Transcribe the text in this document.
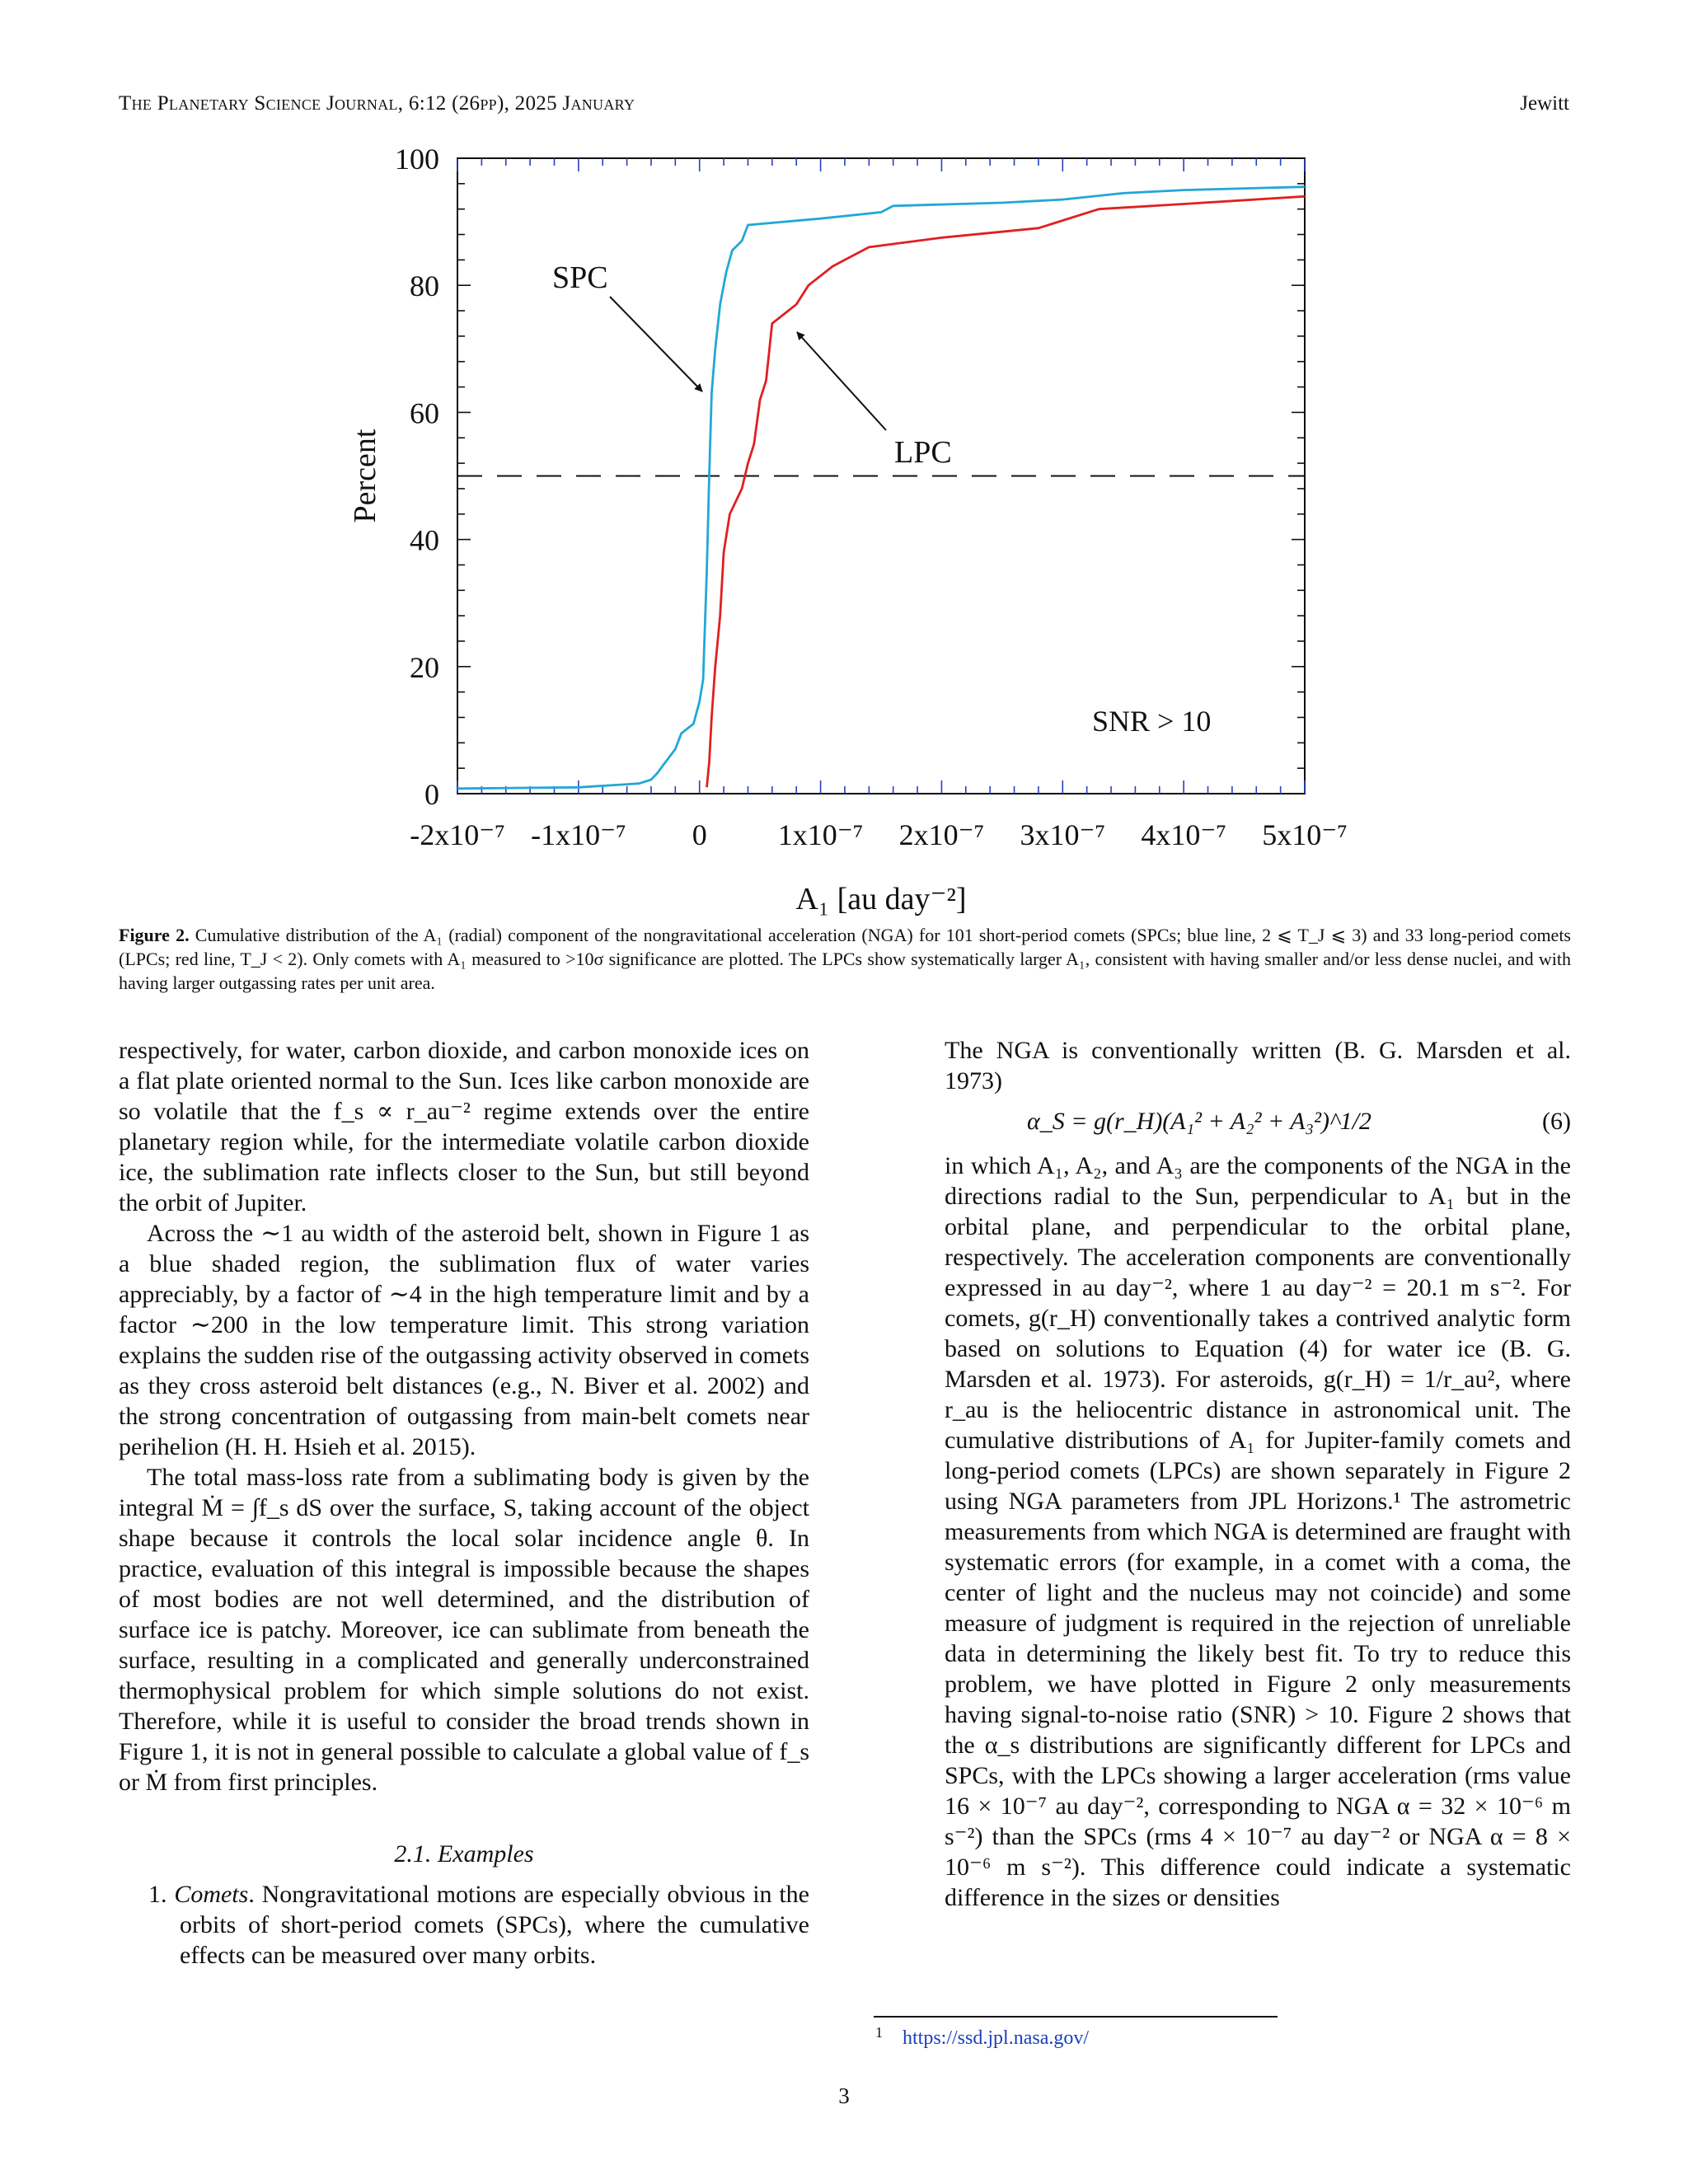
The Planetary Science Journal, 6:12 (26pp), 2025 January	Jewitt
0
20
40
60
80
100
-2x10⁻⁷ -1x10⁻⁷ 0 1x10⁻⁷ 2x10⁻⁷ 3x10⁻⁷ 4x10⁻⁷ 5x10⁻⁷
A₁ [au day⁻²]
Percent
SPC
LPC
SNR > 10
Figure 2. Cumulative distribution of the A₁ (radial) component of the nongravitational acceleration (NGA) for 101 short-period comets (SPCs; blue line, 2 ⩽ T_J ⩽ 3) and 33 long-period comets (LPCs; red line, T_J < 2). Only comets with A₁ measured to >10σ significance are plotted. The LPCs show systematically larger A₁, consistent with having smaller and/or less dense nuclei, and with having larger outgassing rates per unit area.

respectively, for water, carbon dioxide, and carbon monoxide ices on a flat plate oriented normal to the Sun. Ices like carbon monoxide are so volatile that the f_s ∝ r_au⁻² regime extends over the entire planetary region while, for the intermediate volatile carbon dioxide ice, the sublimation rate inflects closer to the Sun, but still beyond the orbit of Jupiter.

Across the ∼1 au width of the asteroid belt, shown in Figure 1 as a blue shaded region, the sublimation flux of water varies appreciably, by a factor of ∼4 in the high temperature limit and by a factor ∼200 in the low temperature limit. This strong variation explains the sudden rise of the outgassing activity observed in comets as they cross asteroid belt distances (e.g., N. Biver et al. 2002) and the strong concentration of outgassing from main-belt comets near perihelion (H. H. Hsieh et al. 2015).

The total mass-loss rate from a sublimating body is given by the integral Ṁ = ∫f_s dS over the surface, S, taking account of the object shape because it controls the local solar incidence angle θ. In practice, evaluation of this integral is impossible because the shapes of most bodies are not well determined, and the distribution of surface ice is patchy. Moreover, ice can sublimate from beneath the surface, resulting in a complicated and generally underconstrained thermophysical problem for which simple solutions do not exist. Therefore, while it is useful to consider the broad trends shown in Figure 1, it is not in general possible to calculate a global value of f_s or Ṁ from first principles.

2.1. Examples

1. Comets. Nongravitational motions are especially obvious in the orbits of short-period comets (SPCs), where the cumulative effects can be measured over many orbits.

The NGA is conventionally written (B. G. Marsden et al. 1973)

α_S = g(r_H)(A₁² + A₂² + A₃²)^1/2	(6)

in which A₁, A₂, and A₃ are the components of the NGA in the directions radial to the Sun, perpendicular to A₁ but in the orbital plane, and perpendicular to the orbital plane, respectively. The acceleration components are conventionally expressed in au day⁻², where 1 au day⁻² = 20.1 m s⁻². For comets, g(r_H) conventionally takes a contrived analytic form based on solutions to Equation (4) for water ice (B. G. Marsden et al. 1973). For asteroids, g(r_H) = 1/r_au², where r_au is the heliocentric distance in astronomical unit. The cumulative distributions of A₁ for Jupiter-family comets and long-period comets (LPCs) are shown separately in Figure 2 using NGA parameters from JPL Horizons.¹ The astrometric measurements from which NGA is determined are fraught with systematic errors (for example, in a comet with a coma, the center of light and the nucleus may not coincide) and some measure of judgment is required in the rejection of unreliable data in determining the likely best fit. To try to reduce this problem, we have plotted in Figure 2 only measurements having signal-to-noise ratio (SNR) > 10. Figure 2 shows that the α_s distributions are significantly different for LPCs and SPCs, with the LPCs showing a larger acceleration (rms value 16 × 10⁻⁷ au day⁻², corresponding to NGA α = 32 × 10⁻⁶ m s⁻²) than the SPCs (rms 4 × 10⁻⁷ au day⁻² or NGA α = 8 × 10⁻⁶ m s⁻²). This difference could indicate a systematic difference in the sizes or densities

$^1$ https://ssd.jpl.nasa.gov/
3
